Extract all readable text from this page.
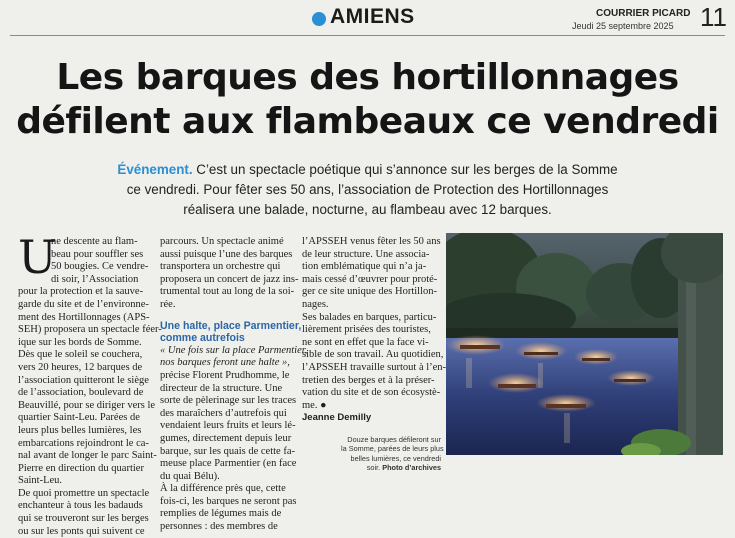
AMIENS	COURRIER PICARD
Jeudi 25 septembre 2025 11
Les barques des hortillonnages
défilent aux flambeaux ce vendredi
Événement. C’est un spectacle poétique qui s’annonce sur les berges de la Somme
ce vendredi. Pour fêter ses 50 ans, l’association de Protection des Hortillonnages
réalisera une balade, nocturne, au flambeau avec 12 barques.
U
ne descente au flam-
beau pour souffler ses
50 bougies. Ce vendre-
di soir, l’Association
pour la protection et la sauve-
garde du site et de l’environne-
ment des Hortillonnages (APS-
SEH) proposera un spectacle féer-
ique sur les bords de Somme.
Dès que le soleil se couchera,
vers 20 heures, 12 barques de
l’association quitteront le siège
de l’association, boulevard de
Beauvillé, pour se diriger vers le
quartier Saint-Leu. Parées de
leurs plus belles lumières, les
embarcations rejoindront le ca-
nal avant de longer le parc Saint-
Pierre en direction du quartier
Saint-Leu.
De quoi promettre un spectacle
enchanteur à tous les badauds
qui se trouveront sur les berges
ou sur les ponts qui suivent ce
parcours. Un spectacle animé
aussi puisque l’une des barques
transportera un orchestre qui
proposera un concert de jazz ins-
trumental tout au long de la soi-
rée.
Une halte, place Parmentier,
comme autrefois
« Une fois sur la place Parmentier,
nos barques feront une halte »,
précise Florent Prudhomme, le
directeur de la structure. Une
sorte de pèlerinage sur les traces
des maraîchers d’autrefois qui
vendaient leurs fruits et leurs lé-
gumes, directement depuis leur
barque, sur les quais de cette fa-
meuse place Parmentier (en face
du quai Bélu).
À la différence près que, cette
fois-ci, les barques ne seront pas
remplies de légumes mais de
personnes : des membres de
l’APSSEH venus fêter les 50 ans
de leur structure. Une associa-
tion emblématique qui n’a ja-
mais cessé d’œuvrer pour proté-
ger ce site unique des Hortillon-
nages.
Ses balades en barques, particu-
lièrement prisées des touristes,
ne sont en effet que la face vi-
sible de son travail. Au quotidien,
l’APSSEH travaille surtout à l’en-
tretien des berges et à la préser-
vation du site et de son écosystè-
me. ●
Jeanne Demilly
Douze barques défileront sur
la Somme, parées de leurs plus
belles lumières, ce vendredi
soir. Photo d’archives
